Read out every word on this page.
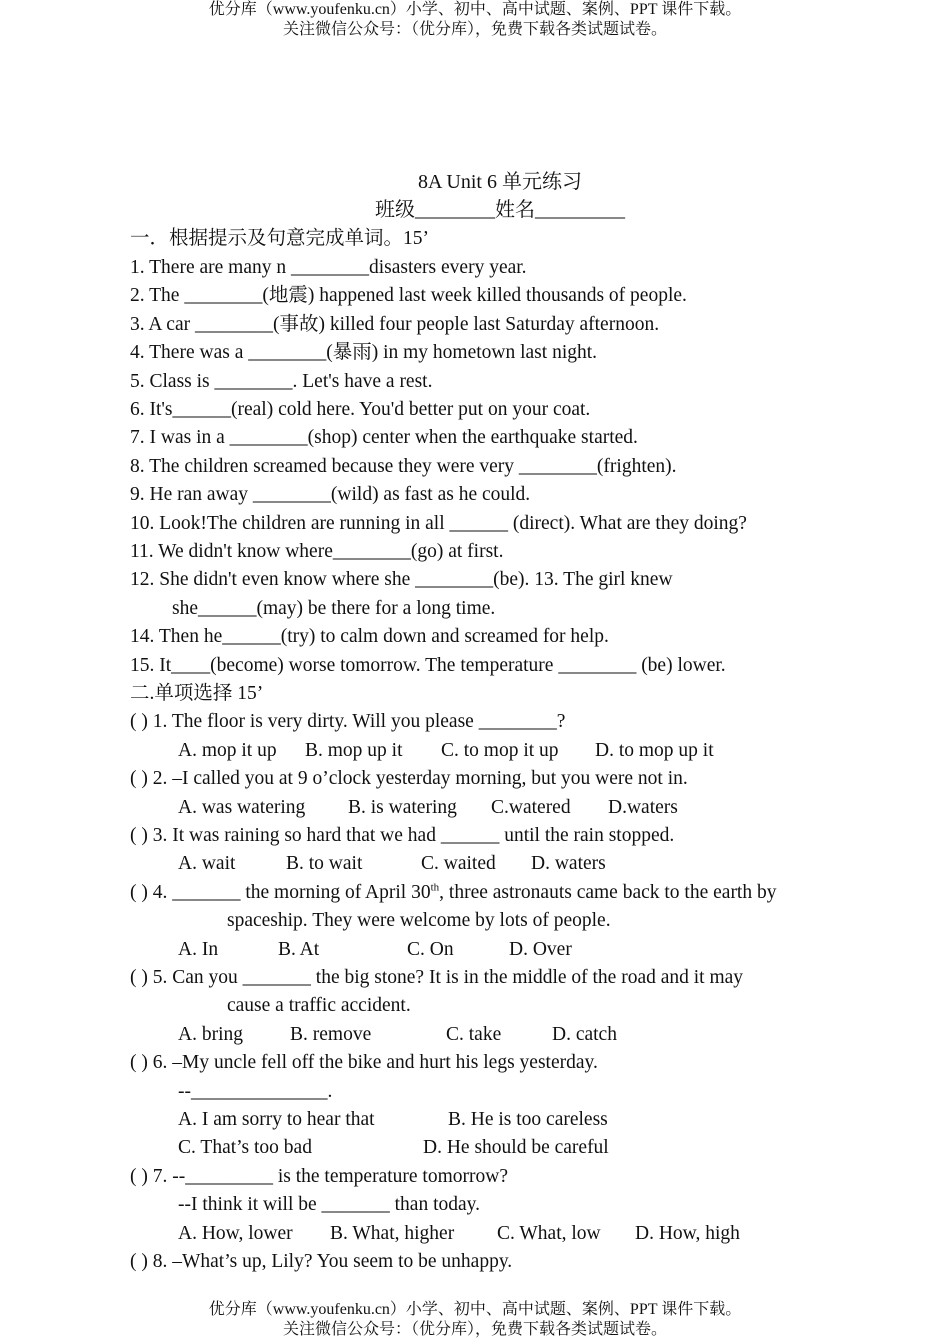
优分库（www.youfenku.cn）小学、初中、高中试题、案例、PPT 课件下载。
关注微信公众号：（优分库），免费下载各类试题试卷。
8A Unit 6 单元练习
班级________姓名_________
一．根据提示及句意完成单词。15’
1. There are many n ________disasters every year.
2. The ________(地震) happened last week killed thousands of people.
3. A car ________(事故) killed four people last Saturday afternoon.
4. There was a ________(暴雨) in my hometown last night.
5. Class is ________. Let's have a rest.
6. It's______(real) cold here. You'd better put on your coat.
7. I was in a ________(shop) center when the earthquake started.
8. The children screamed because they were very ________(frighten).
9. He ran away ________(wild) as fast as he could.
10. Look!The children are running in all ______ (direct). What are they doing?
11. We didn't know where________(go) at first.
12. She didn't even know where she ________(be). 13. The girl knew
she______(may) be there for a long time.
14. Then he______(try) to calm down and screamed for help.
15. It____(become) worse tomorrow. The temperature ________ (be) lower.
二.单项选择 15’
( ) 1. The floor is very dirty. Will you please ________?
A. mop it up B. mop up it C. to mop it up D. to mop up it
( ) 2. –I called you at 9 o’clock yesterday morning, but you were not in.
A. was watering B. is watering C.watered D.waters
( ) 3. It was raining so hard that we had ______ until the rain stopped.
A. wait	B. to wait	C. waited D. waters
( ) 4. _______ the morning of April 30th, three astronauts came back to the earth by
spaceship. They were welcome by lots of people.
A. In	B. At	C. On	D. Over
( ) 5. Can you _______ the big stone? It is in the middle of the road and it may
cause a traffic accident.
A. bring B. remove	C. take	D. catch
( ) 6. –My uncle fell off the bike and hurt his legs yesterday.
--______________.
A. I am sorry to hear that	B. He is too careless
C. That’s too bad	D. He should be careful
( ) 7. --_________ is the temperature tomorrow?
--I think it will be _______ than today.
A. How, lower B. What, higher C. What, low D. How, high
( ) 8. –What’s up, Lily? You seem to be unhappy.
优分库（www.youfenku.cn）小学、初中、高中试题、案例、PPT 课件下载。
关注微信公众号：（优分库），免费下载各类试题试卷。
